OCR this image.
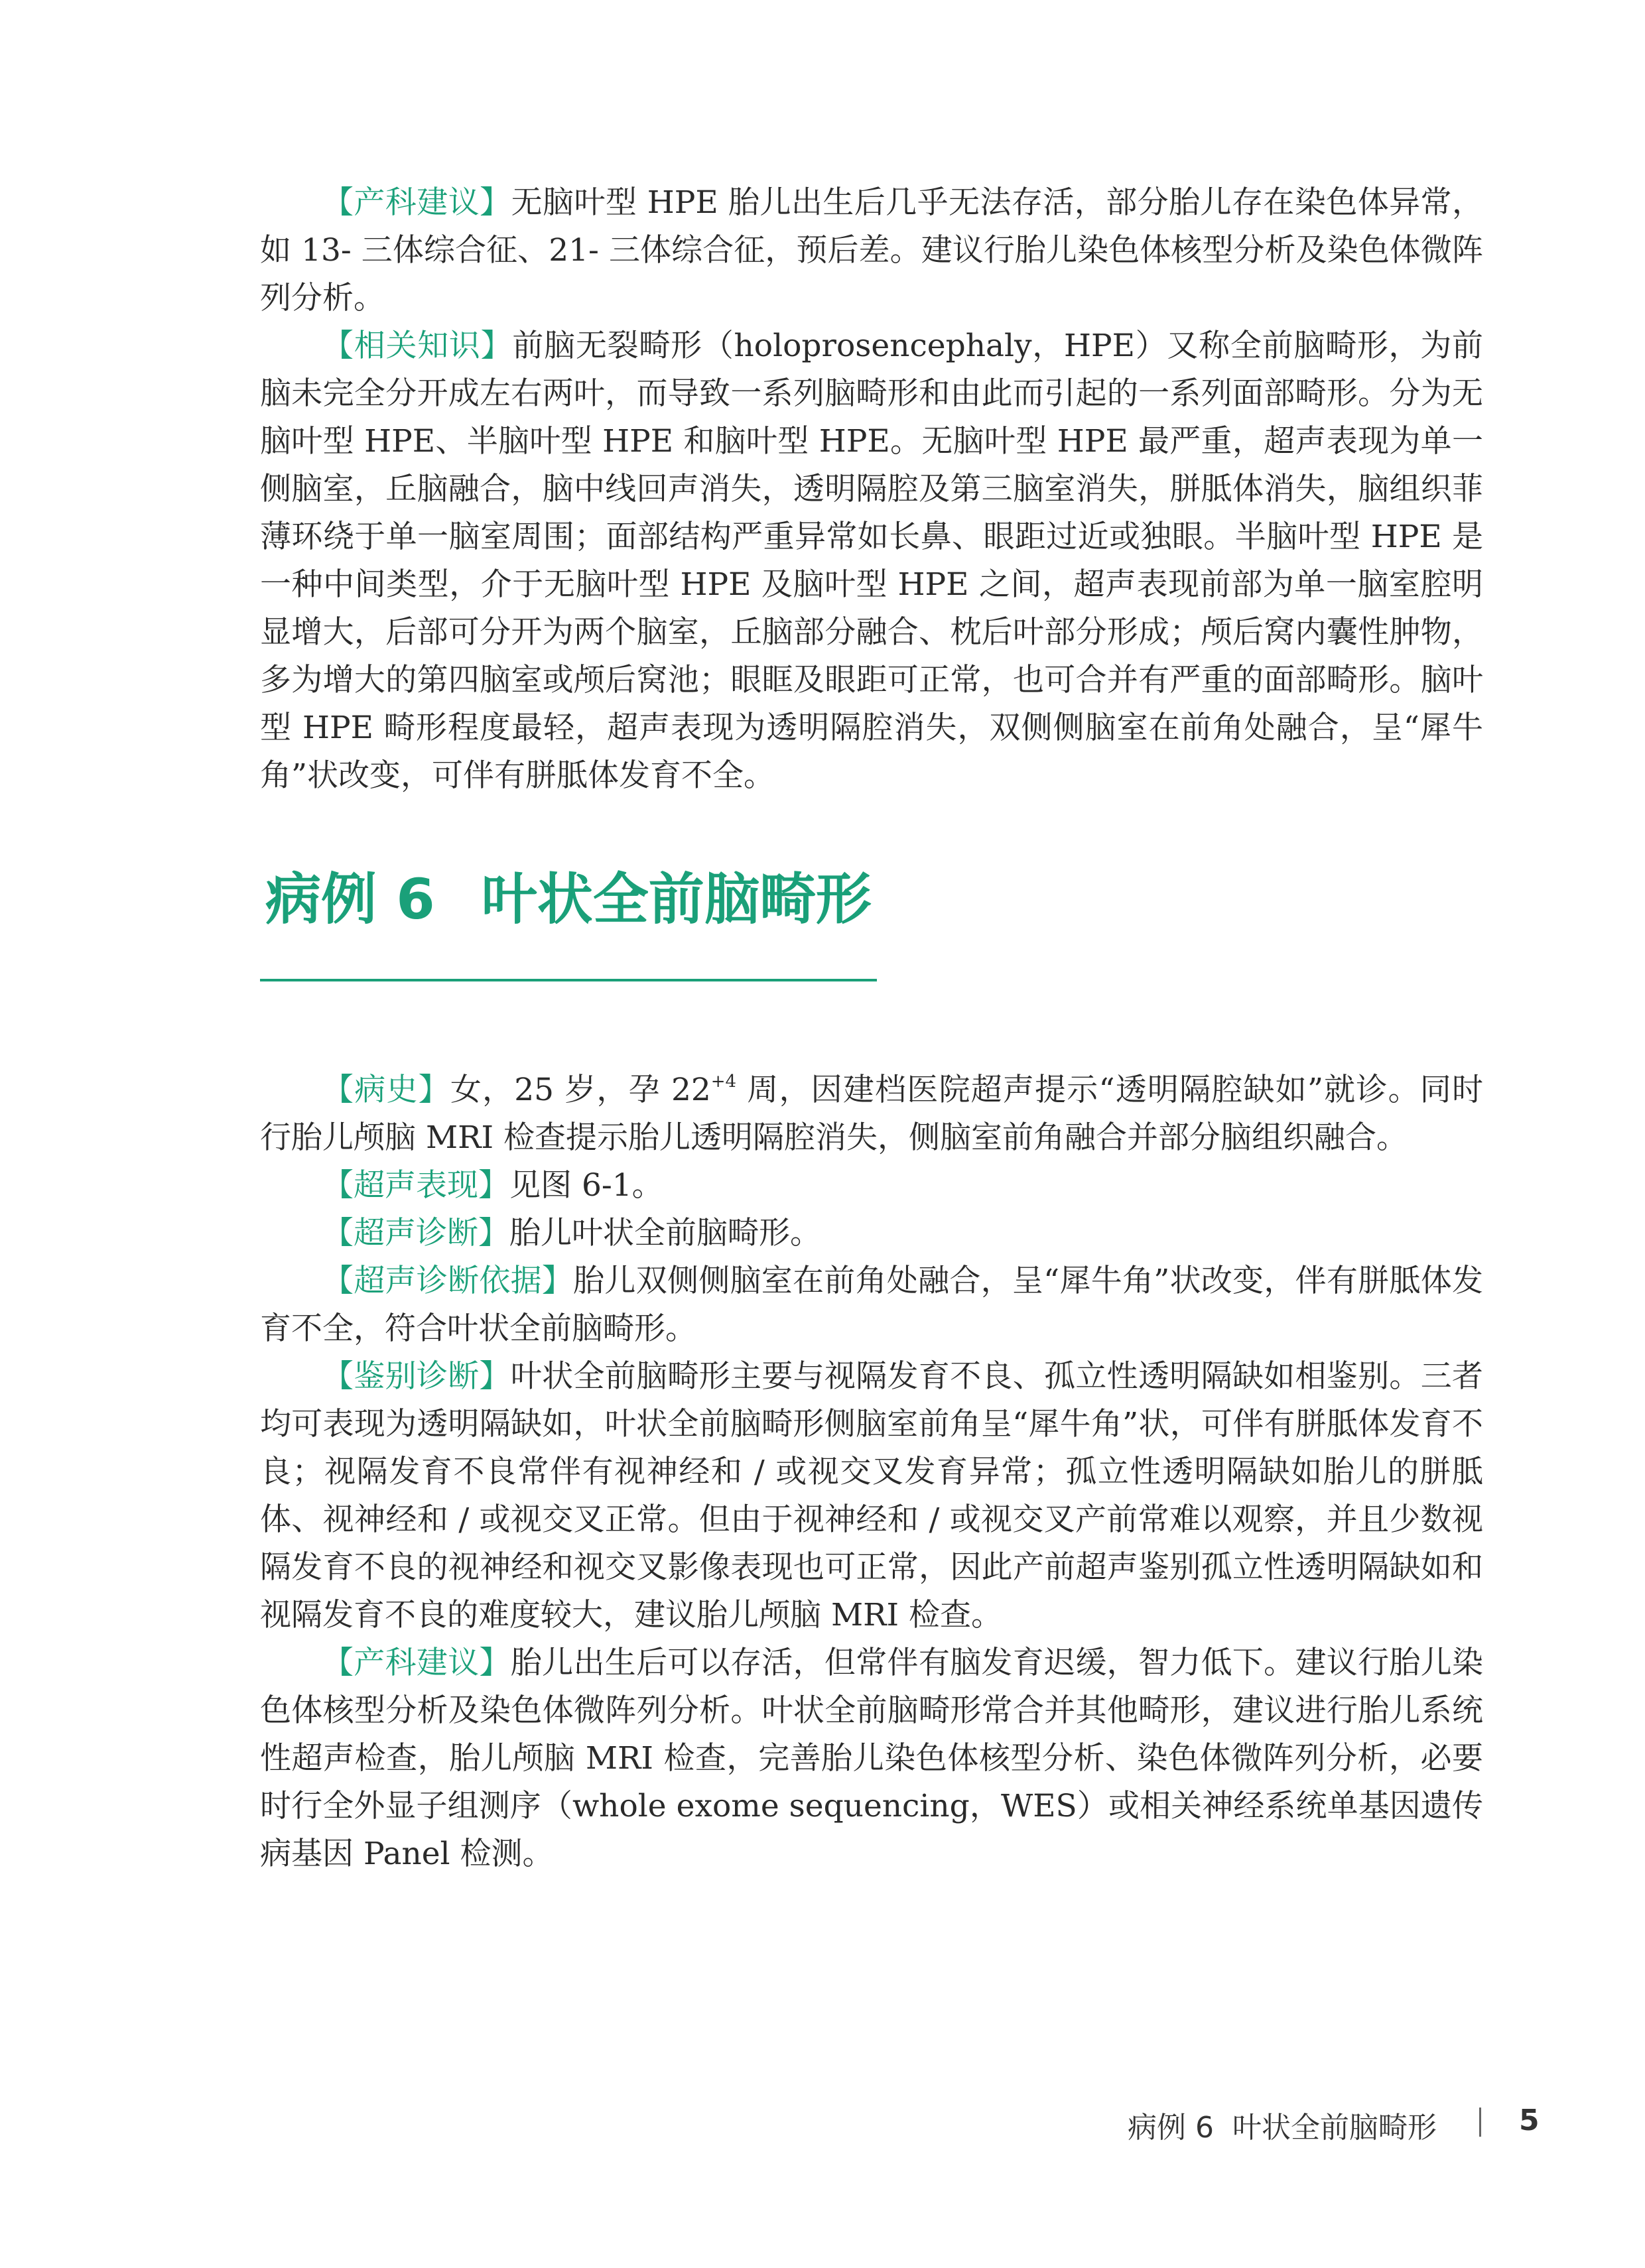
【产科建议】无脑叶型 HPE 胎儿出生后几乎无法存活，部分胎儿存在染色体异常，如 13- 三体综合征、21- 三体综合征，预后差。建议行胎儿染色体核型分析及染色体微阵列分析。

【相关知识】前脑无裂畸形（holoprosencephaly，HPE）又称全前脑畸形，为前脑未完全分开成左右两叶，而导致一系列脑畸形和由此而引起的一系列面部畸形。分为无脑叶型 HPE、半脑叶型 HPE 和脑叶型 HPE。无脑叶型 HPE 最严重，超声表现为单一侧脑室，丘脑融合，脑中线回声消失，透明隔腔及第三脑室消失，胼胝体消失，脑组织菲薄环绕于单一脑室周围；面部结构严重异常如长鼻、眼距过近或独眼。半脑叶型 HPE 是一种中间类型，介于无脑叶型 HPE 及脑叶型 HPE 之间，超声表现前部为单一脑室腔明显增大，后部可分开为两个脑室，丘脑部分融合、枕后叶部分形成；颅后窝内囊性肿物，多为增大的第四脑室或颅后窝池；眼眶及眼距可正常，也可合并有严重的面部畸形。脑叶型 HPE 畸形程度最轻，超声表现为透明隔腔消失，双侧侧脑室在前角处融合，呈“犀牛角”状改变，可伴有胼胝体发育不全。

病例 6 叶状全前脑畸形

【病史】女，25 岁，孕 $22^{+4}$ 周，因建档医院超声提示“透明隔腔缺如”就诊。同时行胎儿颅脑 MRI 检查提示胎儿透明隔腔消失，侧脑室前角融合并部分脑组织融合。

【超声表现】见图 6-1。

【超声诊断】胎儿叶状全前脑畸形。

【超声诊断依据】胎儿双侧侧脑室在前角处融合，呈“犀牛角”状改变，伴有胼胝体发育不全，符合叶状全前脑畸形。

【鉴别诊断】叶状全前脑畸形主要与视隔发育不良、孤立性透明隔缺如相鉴别。三者均可表现为透明隔缺如，叶状全前脑畸形侧脑室前角呈“犀牛角”状，可伴有胼胝体发育不良；视隔发育不良常伴有视神经和 / 或视交叉发育异常；孤立性透明隔缺如胎儿的胼胝体、视神经和 / 或视交叉正常。但由于视神经和 / 或视交叉产前常难以观察，并且少数视隔发育不良的视神经和视交叉影像表现也可正常，因此产前超声鉴别孤立性透明隔缺如和视隔发育不良的难度较大，建议胎儿颅脑 MRI 检查。

【产科建议】胎儿出生后可以存活，但常伴有脑发育迟缓，智力低下。建议行胎儿染色体核型分析及染色体微阵列分析。叶状全前脑畸形常合并其他畸形，建议进行胎儿系统性超声检查，胎儿颅脑 MRI 检查，完善胎儿染色体核型分析、染色体微阵列分析，必要时行全外显子组测序（whole exome sequencing，WES）或相关神经系统单基因遗传病基因 Panel 检测。

病例 6 叶状全前脑畸形	5
